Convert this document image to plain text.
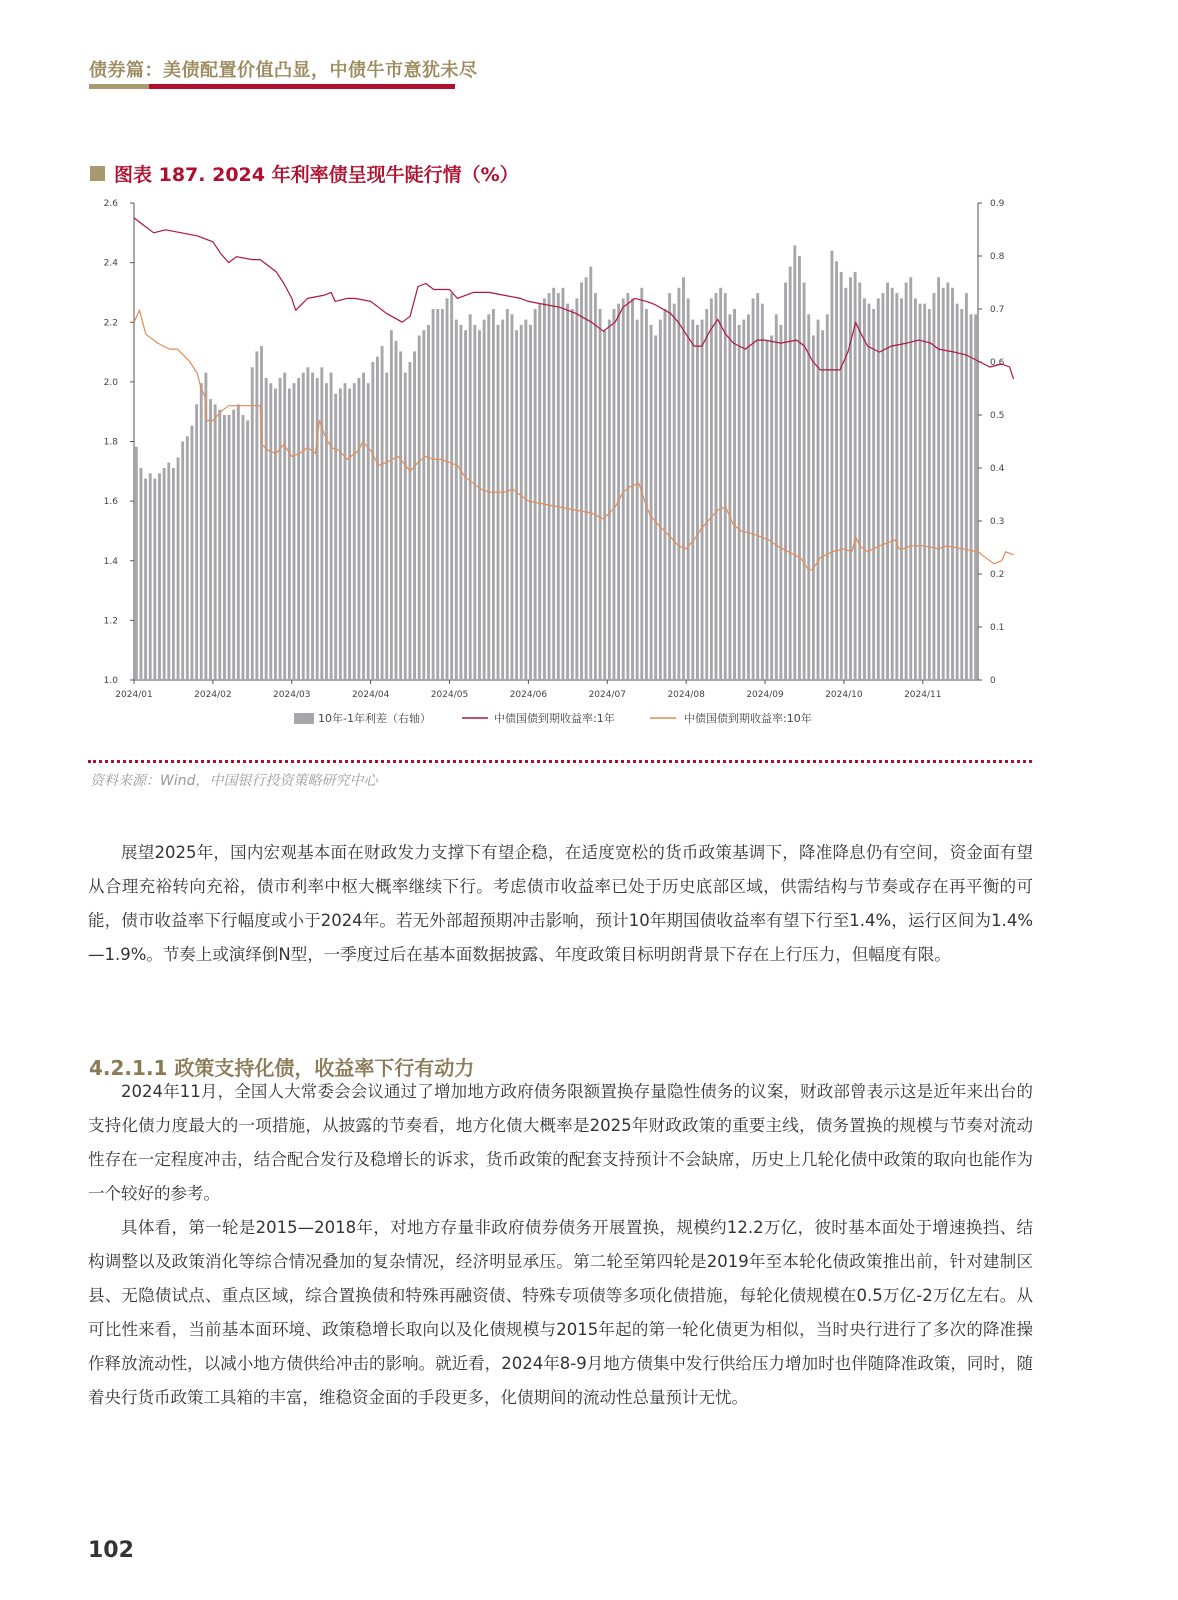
债券篇：美债配置价值凸显，中债牛市意犹未尽
图表 187. 2024 年利率债呈现牛陡行情（%）
1.0
1.2
1.4
1.6
1.8
2.0
2.2
2.4
2.6
0
0.1
0.2
0.3
0.4
0.5
0.6
0.7
0.8
0.9
2024/01	2024/02	2024/03	2024/04	2024/05	2024/06	2024/07	2024/08	2024/09	2024/10	2024/11
10年-1年利差（右轴）	中债国债到期收益率:1年	中债国债到期收益率:10年
资料来源：Wind，中国银行投资策略研究中心

展望2025年，国内宏观基本面在财政发力支撑下有望企稳，在适度宽松的货币政策基调下，降准降息仍有空间，资金面有望从合理充裕转向充裕，债市利率中枢大概率继续下行。考虑债市收益率已处于历史底部区域，供需结构与节奏或存在再平衡的可能，债市收益率下行幅度或小于2024年。若无外部超预期冲击影响，预计10年期国债收益率有望下行至1.4%，运行区间为1.4%—1.9%。节奏上或演绎倒N型，一季度过后在基本面数据披露、年度政策目标明朗背景下存在上行压力，但幅度有限。

4.2.1.1 政策支持化债，收益率下行有动力

2024年11月，全国人大常委会会议通过了增加地方政府债务限额置换存量隐性债务的议案，财政部曾表示这是近年来出台的支持化债力度最大的一项措施，从披露的节奏看，地方化债大概率是2025年财政政策的重要主线，债务置换的规模与节奏对流动性存在一定程度冲击，结合配合发行及稳增长的诉求，货币政策的配套支持预计不会缺席，历史上几轮化债中政策的取向也能作为一个较好的参考。

具体看，第一轮是2015—2018年，对地方存量非政府债券债务开展置换，规模约12.2万亿，彼时基本面处于增速换挡、结构调整以及政策消化等综合情况叠加的复杂情况，经济明显承压。第二轮至第四轮是2019年至本轮化债政策推出前，针对建制区县、无隐债试点、重点区域，综合置换债和特殊再融资债、特殊专项债等多项化债措施，每轮化债规模在0.5万亿-2万亿左右。从可比性来看，当前基本面环境、政策稳增长取向以及化债规模与2015年起的第一轮化债更为相似，当时央行进行了多次的降准操作释放流动性，以减小地方债供给冲击的影响。就近看，2024年8-9月地方债集中发行供给压力增加时也伴随降准政策，同时，随着央行货币政策工具箱的丰富，维稳资金面的手段更多，化债期间的流动性总量预计无忧。

102
